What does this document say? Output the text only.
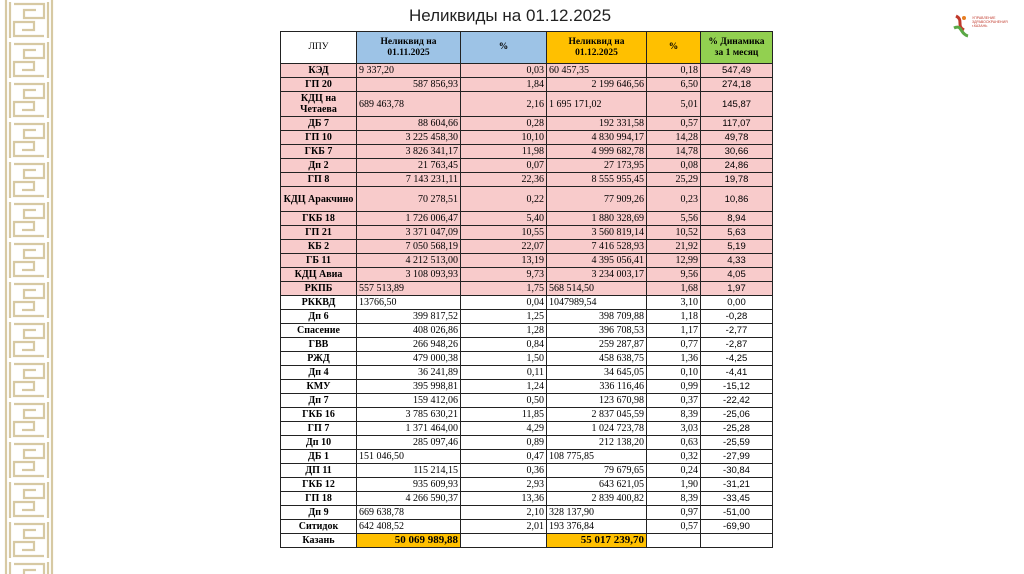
Неликвиды на 01.12.2025	УПРАВЛЕНИЕ ЗДРАВООХРАНЕНИЯ г.КАЗАНЬ
ЛПУ	Неликвид на 01.11.2025	%	Неликвид на 01.12.2025	%	% Динамика за 1 месяц
КЭД	9 337,20	0,03	60 457,35	0,18	547,49
ГП 20	587 856,93	1,84	2 199 646,56	6,50	274,18
КДЦ на Четаева	689 463,78	2,16	1 695 171,02	5,01	145,87
ДБ 7	88 604,66	0,28	192 331,58	0,57	117,07
ГП 10	3 225 458,30	10,10	4 830 994,17	14,28	49,78
ГКБ 7	3 826 341,17	11,98	4 999 682,78	14,78	30,66
Дп 2	21 763,45	0,07	27 173,95	0,08	24,86
ГП 8	7 143 231,11	22,36	8 555 955,45	25,29	19,78
КДЦ Аракчино	70 278,51	0,22	77 909,26	0,23	10,86
ГКБ 18	1 726 006,47	5,40	1 880 328,69	5,56	8,94
ГП 21	3 371 047,09	10,55	3 560 819,14	10,52	5,63
КБ 2	7 050 568,19	22,07	7 416 528,93	21,92	5,19
ГБ 11	4 212 513,00	13,19	4 395 056,41	12,99	4,33
КДЦ Авиа	3 108 093,93	9,73	3 234 003,17	9,56	4,05
РКПБ	557 513,89	1,75	568 514,50	1,68	1,97
РККВД	13766,50	0,04	1047989,54	3,10	0,00
Дп 6	399 817,52	1,25	398 709,88	1,18	-0,28
Спасение	408 026,86	1,28	396 708,53	1,17	-2,77
ГВВ	266 948,26	0,84	259 287,87	0,77	-2,87
РЖД	479 000,38	1,50	458 638,75	1,36	-4,25
Дп 4	36 241,89	0,11	34 645,05	0,10	-4,41
КМУ	395 998,81	1,24	336 116,46	0,99	-15,12
Дп 7	159 412,06	0,50	123 670,98	0,37	-22,42
ГКБ 16	3 785 630,21	11,85	2 837 045,59	8,39	-25,06
ГП 7	1 371 464,00	4,29	1 024 723,78	3,03	-25,28
Дп 10	285 097,46	0,89	212 138,20	0,63	-25,59
ДБ 1	151 046,50	0,47	108 775,85	0,32	-27,99
ДП 11	115 214,15	0,36	79 679,65	0,24	-30,84
ГКБ 12	935 609,93	2,93	643 621,05	1,90	-31,21
ГП 18	4 266 590,37	13,36	2 839 400,82	8,39	-33,45
Дп 9	669 638,78	2,10	328 137,90	0,97	-51,00
Ситидок	642 408,52	2,01	193 376,84	0,57	-69,90
Казань	50 069 989,88		55 017 239,70		
